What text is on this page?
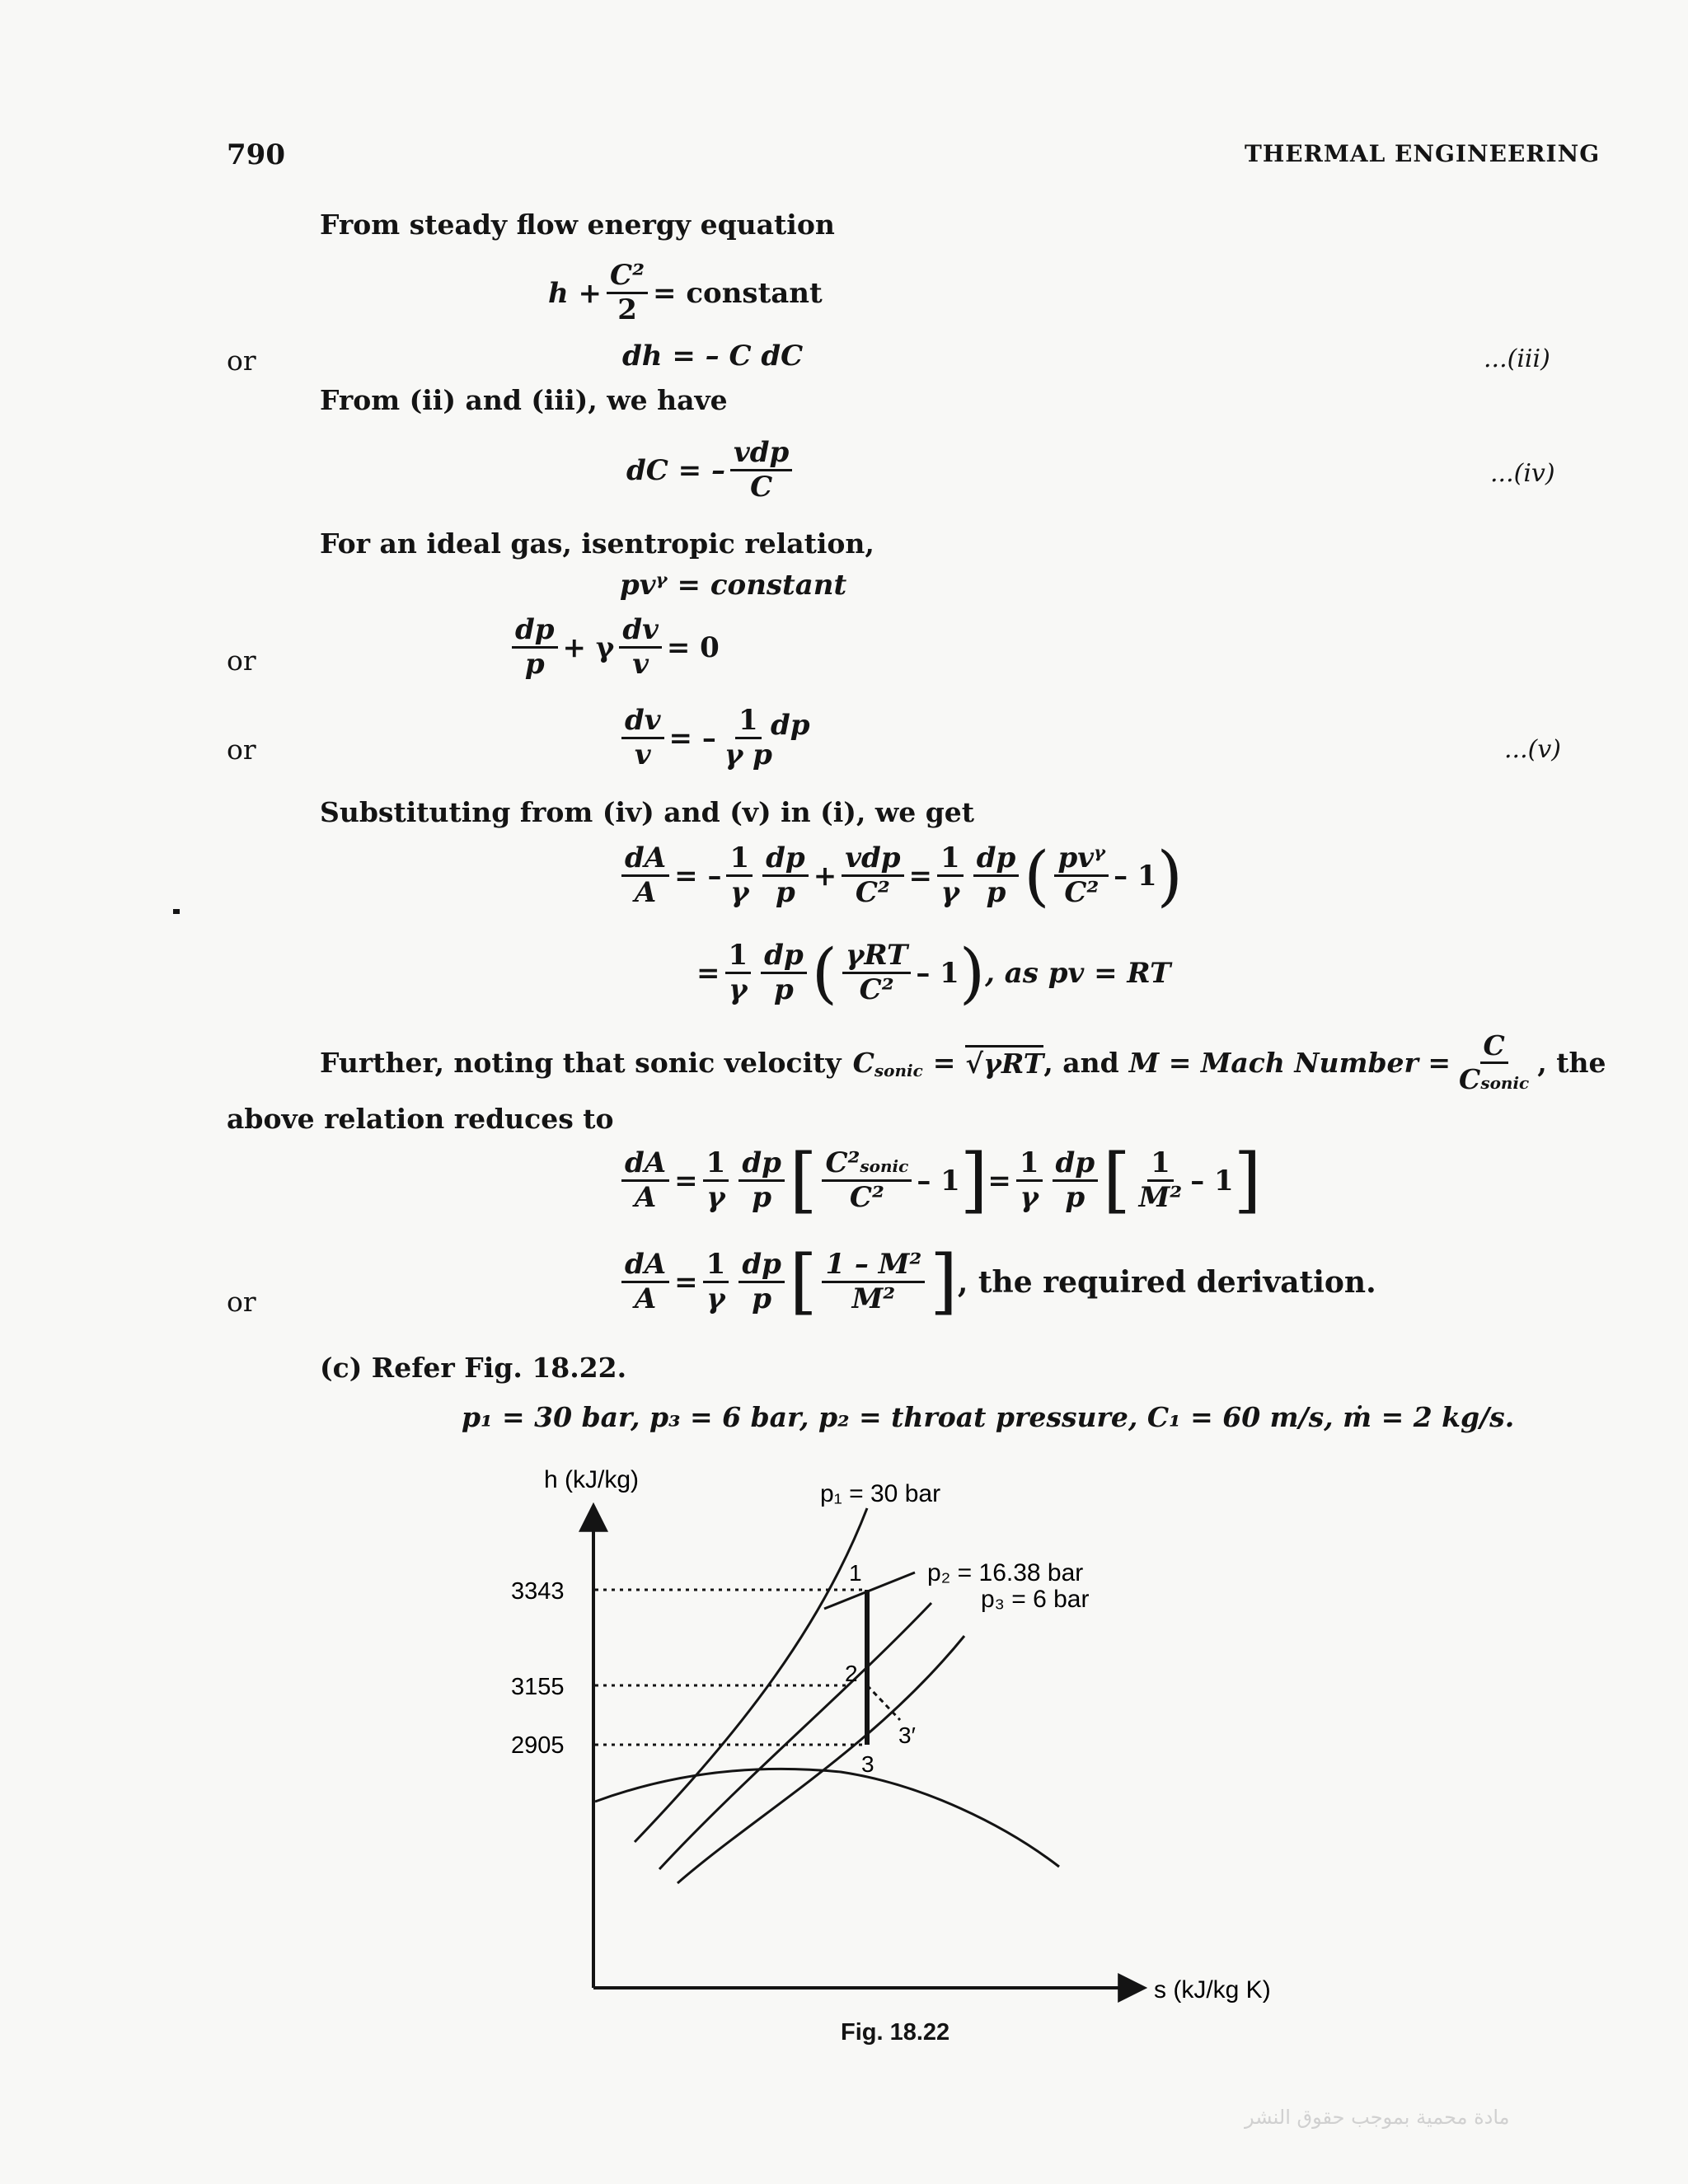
790	THERMAL ENGINEERING
From steady flow energy equation
$h + \frac{\text{C²}}{2}$ = constant
or	dh = – C dC	...(iii)
From (ii) and (iii), we have
dC = – $\frac{\text{vdp}}{C}$	...(iv)
For an ideal gas, isentropic relation,
pvᵞ = constant
or	$\frac{dp}{p} + \gamma \frac{dv}{v} = 0$
or	$\frac{dv}{v}$ = – $\frac{1}{\text{γ p}}$
dp
...(v)
Substituting from (iv) and (v) in (i), we get
$\frac{dA}{A}$ = – $\frac{1}{\gamma} \frac{dp}{p} + \frac{\text{vdp}}{\text{C²}} = \frac{1}{\gamma} \frac{dp}{p}$ ( $\frac{\text{pvᵞ}}{\text{C²}} - 1$ )
= $\frac{1}{\gamma} \frac{dp}{p}$ ( $\frac{\text{γRT}}{\text{C²}} - 1$ ) , as pv = RT
Further, noting that sonic velocity C sonic = √γRT , and M = Mach Number = $\frac{C}{\text{Csonic}}$ , the
above relation reduces to
$\frac{dA}{A} = \frac{1}{\gamma} \frac{dp}{p}$ [ $\frac{\text{C²sonic}}{\text{C²}} - 1$ ] = $\frac{1}{\gamma} \frac{dp}{p}$ [ $\frac{1}{\text{M²}} - 1$ ]
or	$\frac{dA}{A} = \frac{1}{\gamma} \frac{dp}{p}$ [ $\frac{\text{1 – M²}}{\text{M²}}$ ] , the required derivation.
(c) Refer Fig. 18.22.
p₁ = 30 bar, p₃ = 6 bar, p₂ = throat pressure, C₁ = 60 m/s, ṁ = 2 kg/s.
h (kJ/kg)
s (kJ/kg K)
3343
3155
2905
p₁ = 30 bar
p₂ = 16.38 bar
p₃ = 6 bar
1
2
3′
3
Fig. 18.22
مادة محمية بموجب حقوق النشر
